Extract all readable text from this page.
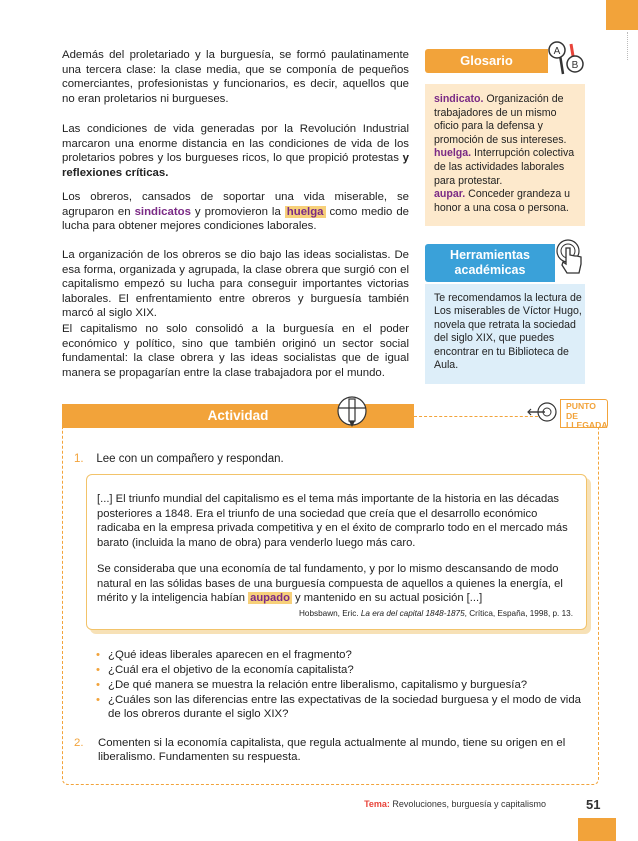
Además del proletariado y la burguesía, se formó paulatinamente una tercera clase: la clase media, que se componía de pequeños comerciantes, profesionistas y funcionarios, es decir, aquellos que no eran proletarios ni burgueses.

Las condiciones de vida generadas por la Revolución Industrial marcaron una enorme distancia en las condiciones de vida de los proletarios pobres y los burgueses ricos, lo que propició protestas y reflexiones críticas.

Los obreros, cansados de soportar una vida miserable, se agruparon en sindicatos y promovieron la huelga como medio de lucha para obtener mejores condiciones laborales.

La organización de los obreros se dio bajo las ideas socialistas. De esa forma, organizada y agrupada, la clase obrera que surgió con el capitalismo empezó su lucha para conseguir importantes victorias laborales. El enfrentamiento entre obreros y burguesía también marcó al siglo XIX.

El capitalismo no solo consolidó a la burguesía en el poder económico y político, sino que también originó un sector social fundamental: la clase obrera y las ideas socialistas que de igual manera se propagarían entre la clase trabajadora por el mundo.

Glosario
A
B

sindicato. Organización de trabajadores de un mismo oficio para la defensa y promoción de sus intereses.
huelga. Interrupción colectiva de las actividades laborales para protestar.
aupar. Conceder grandeza u honor a una cosa o persona.

Herramientas académicas

Te recomendamos la lectura de Los miserables de Víctor Hugo, novela que retrata la sociedad del siglo XIX, que puedes encontrar en tu Biblioteca de Aula.

Actividad
PUNTO DE LLEGADA

1. Lee con un compañero y respondan.

[...] El triunfo mundial del capitalismo es el tema más importante de la historia en las décadas posteriores a 1848. Era el triunfo de una sociedad que creía que el desarrollo económico radicaba en la empresa privada competitiva y en el éxito de comprarlo todo en el mercado más barato (incluida la mano de obra) para venderlo luego más caro.

Se consideraba que una economía de tal fundamento, y por lo mismo descansando de modo natural en las sólidas bases de una burguesía compuesta de aquellos a quienes la energía, el mérito y la inteligencia habían aupado y mantenido en su actual posición [...]

Hobsbawn, Eric. La era del capital 1848-1875, Crítica, España, 1998, p. 13.

• ¿Qué ideas liberales aparecen en el fragmento?

• ¿Cuál era el objetivo de la economía capitalista?

• ¿De qué manera se muestra la relación entre liberalismo, capitalismo y burguesía?

• ¿Cuáles son las diferencias entre las expectativas de la sociedad burguesa y el modo de vida de los obreros durante el siglo XIX?

2. Comenten si la economía capitalista, que regula actualmente al mundo, tiene su origen en el liberalismo. Fundamenten su respuesta.

Tema: Revoluciones, burguesía y capitalismo	51
